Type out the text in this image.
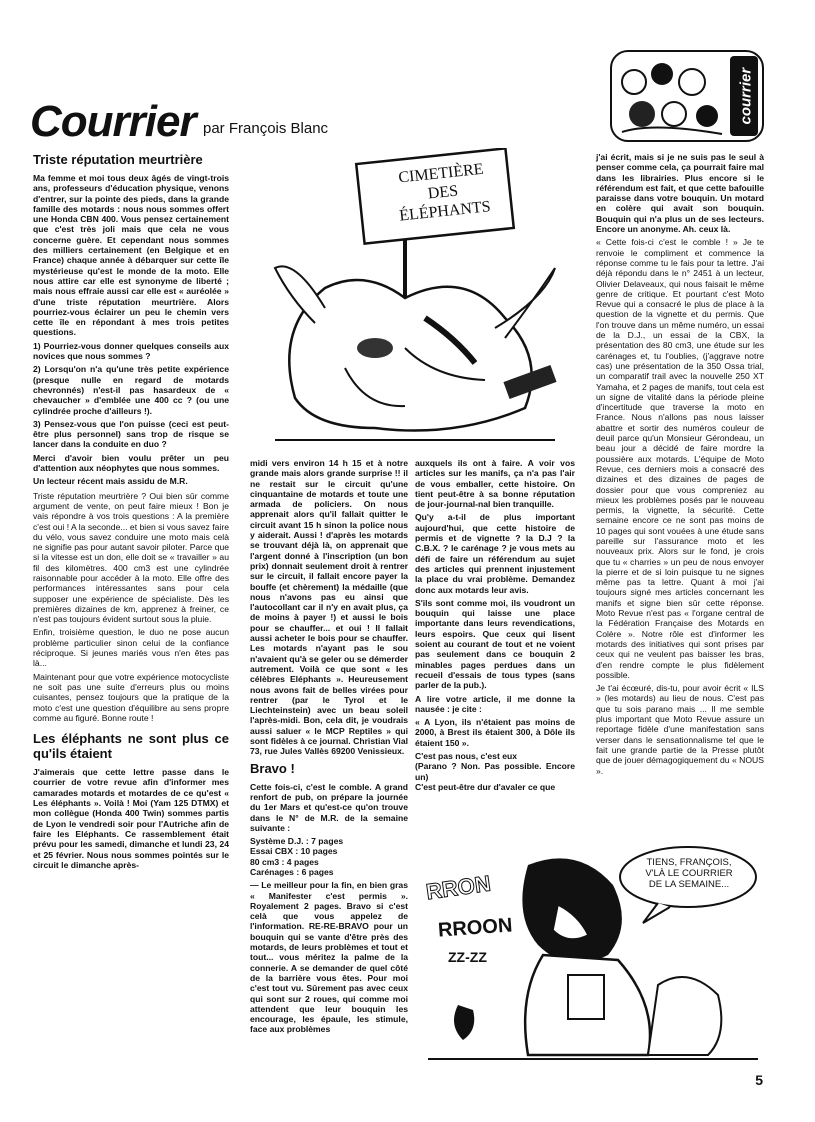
Courrier par François Blanc
courrier
Triste réputation meurtrière

Ma femme et moi tous deux âgés de vingt-trois ans, professeurs d'éducation physique, venons d'entrer, sur la pointe des pieds, dans la grande famille des motards : nous nous sommes offert une Honda CBN 400. Vous pensez certainement que c'est très joli mais que cela ne vous concerne guère. Et cependant nous sommes des milliers certainement (en Belgique et en France) chaque année à débarquer sur cette île mystérieuse qu'est le monde de la moto. Elle nous attire car elle est synonyme de liberté ; mais nous effraie aussi car elle est « auréolée » d'une triste réputation meurtrière. Alors pourriez-vous éclairer un peu le chemin vers cette île en répondant à mes trois petites questions.

1) Pourriez-vous donner quelques conseils aux novices que nous sommes ?

2) Lorsqu'on n'a qu'une très petite expérience (presque nulle en regard de motards chevronnés) n'est-il pas hasardeux de « chevaucher » d'emblée une 400 cc ? (ou une cylindrée proche d'ailleurs !).

3) Pensez-vous que l'on puisse (ceci est peut-être plus personnel) sans trop de risque se lancer dans la conduite en duo ?

Merci d'avoir bien voulu prêter un peu d'attention aux néophytes que nous sommes.

Un lecteur récent mais assidu de M.R.

Triste réputation meurtrière ? Oui bien sûr comme argument de vente, on peut faire mieux ! Bon je vais répondre à vos trois questions : A la première c'est oui ! A la seconde... et bien si vous savez faire du vélo, vous savez conduire une moto mais celà ne signifie pas pour autant savoir piloter. Parce que si la vitesse est un don, elle doit se « travailler » au fil des kilomètres. 400 cm3 est une cylindrée raisonnable pour accéder à la moto. Elle offre des performances intéressantes sans pour cela supposer une expérience de spécialiste. Dès les premières dizaines de km, apprenez à freiner, ce n'est pas toujours évident surtout sous la pluie.

Enfin, troisième question, le duo ne pose aucun problème particulier sinon celui de la confiance réciproque. Si jeunes mariés vous n'en êtes pas là...

Maintenant pour que votre expérience motocycliste ne soit pas une suite d'erreurs plus ou moins cuisantes, pensez toujours que la pratique de la moto c'est une question d'équilibre au sens propre comme au figuré. Bonne route !

Les éléphants ne sont plus ce qu'ils étaient

J'aimerais que cette lettre passe dans le courrier de votre revue afin d'informer mes camarades motards et motardes de ce qu'est « Les éléphants ». Voilà ! Moi (Yam 125 DTMX) et mon collègue (Honda 400 Twin) sommes partis de Lyon le vendredi soir pour l'Autriche afin de faire les Eléphants. Ce rassemblement était prévu pour les samedi, dimanche et lundi 23, 24 et 25 février. Nous nous sommes pointés sur le circuit le dimanche après-

CIMETIÈRE
DES
ÉLÉPHANTS

midi vers environ 14 h 15 et à notre grande mais alors grande surprise !! il ne restait sur le circuit qu'une cinquantaine de motards et toute une armada de policiers. On nous apprenait alors qu'il fallait quitter le circuit avant 15 h sinon la police nous y aiderait. Aussi ! d'après les motards se trouvant déjà là, on apprenait que l'argent donné à l'inscription (un bon prix) donnait seulement droit à rentrer sur le circuit, il fallait encore payer la bouffe (et chèrement) la médaille (que nous n'avons pas eu ainsi que l'autocollant car il n'y en avait plus, ça de moins à payer !) et aussi le bois pour se chauffer... et oui ! Il fallait aussi acheter le bois pour se chauffer. Les motards n'ayant pas le sou n'avaient qu'à se geler ou se démerder autrement. Voilà ce que sont « les célèbres Eléphants ». Heureusement nous avons fait de belles virées pour rentrer (par le Tyrol et le Liechteinstein) avec un beau soleil l'après-midi. Bon, cela dit, je voudrais aussi saluer « le MCP Reptiles » qui sont fidèles à ce journal. Christian Vial 73, rue Jules Vallès 69200 Venissieux.

Bravo !

Cette fois-ci, c'est le comble. A grand renfort de pub, on prépare la journée du 1er Mars et qu'est-ce qu'on trouve dans le N° de M.R. de la semaine suivante :

Système D.J. : 7 pages

Essai CBX : 10 pages

80 cm3 : 4 pages

Carénages : 6 pages

— Le meilleur pour la fin, en bien gras « Manifester c'est permis ». Royalement 2 pages. Bravo si c'est celà que vous appelez de l'information. RE-RE-BRAVO pour un bouquin qui se vante d'être près des motards, de leurs problèmes et tout et tout... vous méritez la palme de la connerie. A se demander de quel côté de la barrière vous êtes. Pour moi c'est tout vu. Sûrement pas avec ceux qui sont sur 2 roues, qui comme moi attendent que leur bouquin les encourage, les épaule, les stimule, face aux problèmes

auxquels ils ont à faire. A voir vos articles sur les manifs, ça n'a pas l'air de vous emballer, cette histoire. On tient peut-être à sa bonne réputation de jour-journal-nal bien tranquille.

Qu'y a-t-il de plus important aujourd'hui, que cette histoire de permis et de vignette ? la D.J ? la C.B.X. ? le carénage ? je vous mets au défi de faire un référendum au sujet des articles qui prennent injustement la place du vrai problème. Demandez donc aux motards leur avis.

S'ils sont comme moi, ils voudront un bouquin qui laisse une place importante dans leurs revendications, leurs espoirs. Que ceux qui lisent soient au courant de tout et ne voient pas seulement dans ce bouquin 2 minables pages perdues dans un recueil d'essais de tous types (sans parler de la pub.).

A lire votre article, il me donne la nausée : je cite :

« A Lyon, ils n'étaient pas moins de 2000, à Brest ils étaient 300, à Dôle ils étaient 150 ».

C'est pas nous, c'est eux

(Parano ? Non. Pas possible. Encore un)

C'est peut-être dur d'avaler ce que

j'ai écrit, mais si je ne suis pas le seul à penser comme cela, ça pourrait faire mal dans les librairies. Plus encore si le référendum est fait, et que cette bafouille paraisse dans votre bouquin. Un motard en colère qui avait son bouquin. Bouquin qui n'a plus un de ses lecteurs. Encore un anonyme. Ah. ceux là.

« Cette fois-ci c'est le comble ! » Je te renvoie le compliment et commence la réponse comme tu le fais pour ta lettre. J'ai déjà répondu dans le n° 2451 à un lecteur, Olivier Delaveaux, qui nous faisait le même genre de critique. Et pourtant c'est Moto Revue qui a consacré le plus de place à la question de la vignette et du permis. Que l'on trouve dans un même numéro, un essai de la D.J., un essai de la CBX, la présentation des 80 cm3, une étude sur les carénages et, tu l'oublies, (j'aggrave notre cas) une présentation de la 350 Ossa trial, un comparatif trail avec la nouvelle 250 XT Yamaha, et 2 pages de manifs, tout cela est un signe de vitalité dans la période pleine d'incertitude que traverse la moto en France. Nous n'allons pas nous laisser abattre et sortir des numéros couleur de deuil parce qu'un Monsieur Gérondeau, un beau jour a décidé de faire mordre la poussière aux motards. L'équipe de Moto Revue, ces derniers mois a consacré des dizaines et des dizaines de pages de dossier pour que vous compreniez au mieux les problèmes posés par le nouveau permis, la vignette, la sécurité. Cette semaine encore ce ne sont pas moins de 10 pages qui sont vouées à une étude sans pareille sur l'assurance moto et les nouveaux prix. Alors sur le fond, je crois que tu « charries » un peu de nous envoyer la pierre et de si loin puisque tu ne signes même pas ta lettre. Quant à moi j'ai toujours signé mes articles concernant les manifs et signe bien sûr cette réponse. Moto Revue n'est pas « l'organe central de la Fédération Française des Motards en Colère ». Notre rôle est d'informer les motards des initiatives qui sont prises par ceux qui ne veulent pas baisser les bras, d'en rendre compte le plus fidèlement possible.

Je t'ai écœuré, dis-tu, pour avoir écrit « ILS » (les motards) au lieu de nous. C'est pas que tu sois parano mais ... Il me semble plus important que Moto Revue assure un reportage fidèle d'une manifestation sans verser dans le sensationnalisme tel que le fait une grande partie de la Presse plutôt que de jouer démagogiquement du « NOUS ».

TIENS, FRANÇOIS,
V'LÀ LE COURRIER
DE LA SEMAINE...
RRON
RROON
ZZ-ZZ
5
